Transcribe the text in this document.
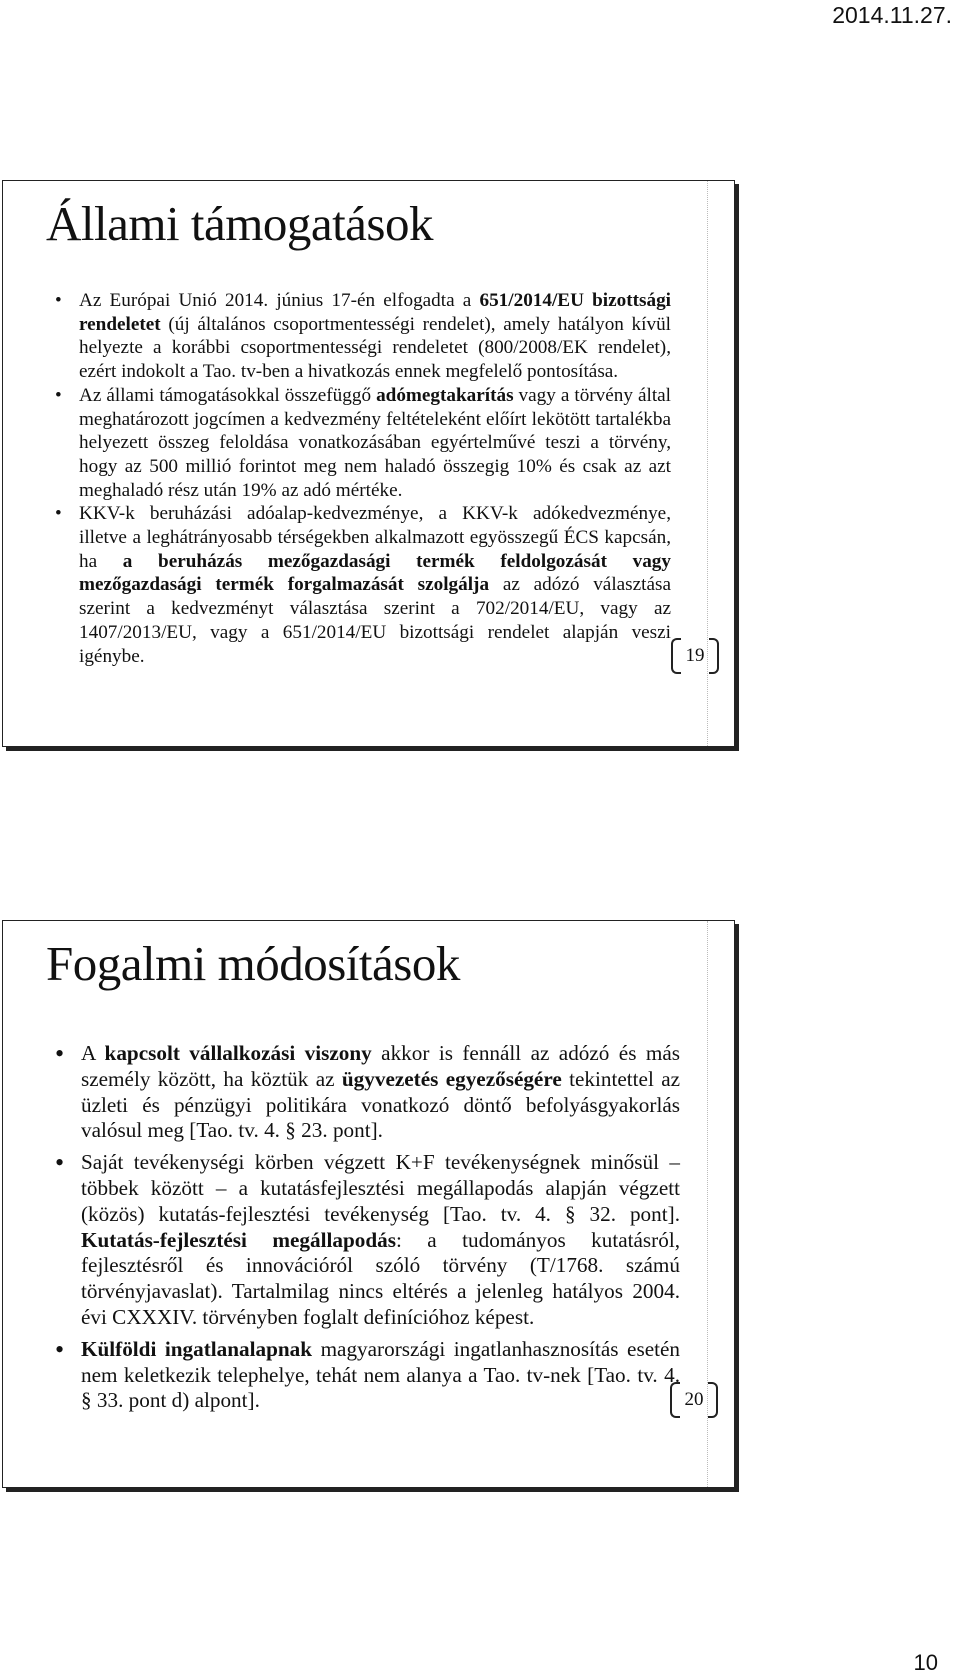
2014.11.27.
Állami támogatások
• Az Európai Unió 2014. június 17-én elfogadta a 651/2014/EU bizottsági rendeletet (új általános csoportmentességi rendelet), amely hatályon kívül helyezte a korábbi csoportmentességi rendeletet (800/2008/EK rendelet), ezért indokolt a Tao. tv-ben a hivatkozás ennek megfelelő pontosítása.
• Az állami támogatásokkal összefüggő adómegtakarítás vagy a törvény által meghatározott jogcímen a kedvezmény feltételeként előírt lekötött tartalékba helyezett összeg feloldása vonatkozásában egyértelművé teszi a törvény, hogy az 500 millió forintot meg nem haladó összegig 10% és csak az azt meghaladó rész után 19% az adó mértéke.
• KKV-k beruházási adóalap-kedvezménye, a KKV-k adókedvezménye, illetve a leghátrányosabb térségekben alkalmazott egyösszegű ÉCS kapcsán, ha a beruházás mezőgazdasági termék feldolgozását vagy mezőgazdasági termék forgalmazását szolgálja az adózó választása szerint a kedvezményt választása szerint a 702/2014/EU, vagy az 1407/2013/EU, vagy a 651/2014/EU bizottsági rendelet alapján veszi igénybe.	19
Fogalmi módosítások
• A kapcsolt vállalkozási viszony akkor is fennáll az adózó és más személy között, ha köztük az ügyvezetés egyezőségére tekintettel az üzleti és pénzügyi politikára vonatkozó döntő befolyásgyakorlás valósul meg [Tao. tv. 4. § 23. pont].
• Saját tevékenységi körben végzett K+F tevékenységnek minősül – többek között – a kutatásfejlesztési megállapodás alapján végzett (közös) kutatás-fejlesztési tevékenység [Tao. tv. 4. § 32. pont]. Kutatás-fejlesztési megállapodás: a tudományos kutatásról, fejlesztésről és innovációról szóló törvény (T/1768. számú törvényjavaslat). Tartalmilag nincs eltérés a jelenleg hatályos 2004. évi CXXXIV. törvényben foglalt definícióhoz képest.
• Külföldi ingatlanalapnak magyarországi ingatlanhasznosítás esetén nem keletkezik telephelye, tehát nem alanya a Tao. tv-nek [Tao. tv. 4. § 33. pont d) alpont].	20
10
